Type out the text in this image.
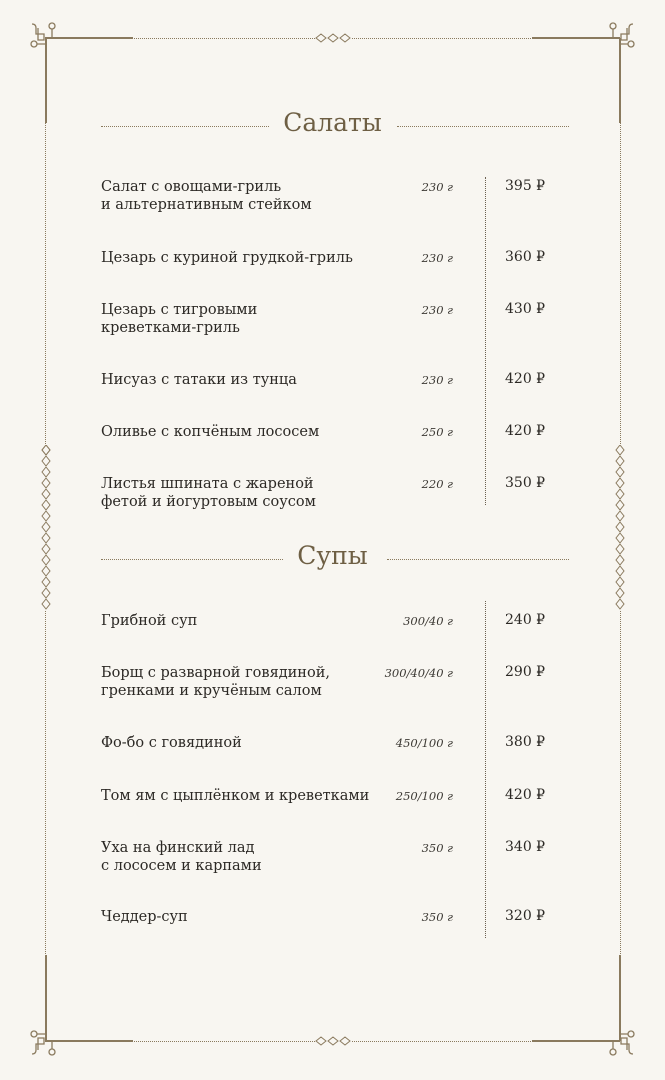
Салаты
Салат с овощами-гриль
и альтернативным стейком
230 г	395 ₽
Цезарь с куриной грудкой-гриль	230 г	360 ₽
Цезарь с тигровыми
креветками-гриль
230 г	430 ₽
Нисуаз с татаки из тунца	230 г	420 ₽
Оливье с копчёным лососем	250 г	420 ₽
Листья шпината с жареной
фетой и йогуртовым соусом
220 г	350 ₽
Супы
Грибной суп	300/40 г	240 ₽
Борщ с разварной говядиной,
гренками и кручёным салом
300/40/40 г	290 ₽
Фо-бо с говядиной	450/100 г	380 ₽
Том ям с цыплёнком и креветками	250/100 г	420 ₽
Уха на финский лад
с лососем и карпами
350 г	340 ₽
Чеддер-суп	350 г	320 ₽
